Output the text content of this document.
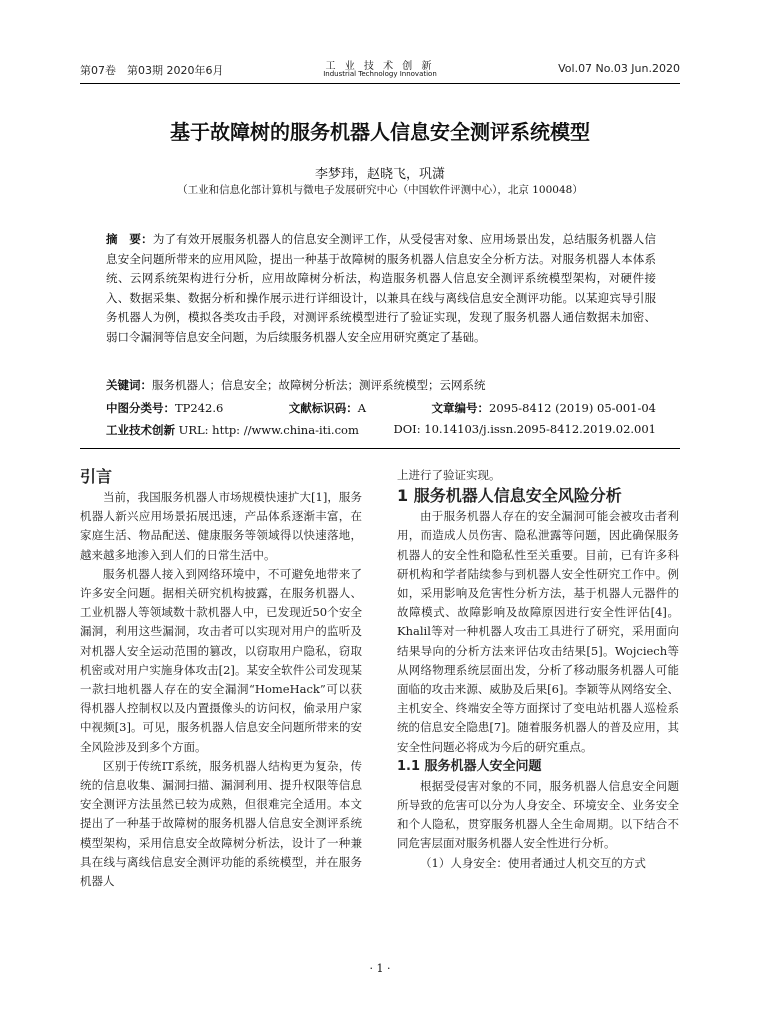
第07卷　第03期 2020年6月	工 业 技 术 创 新
Industrial Technology Innovation	Vol.07 No.03 Jun.2020
基于故障树的服务机器人信息安全测评系统模型
李梦玮，赵晓飞，巩潇
（工业和信息化部计算机与微电子发展研究中心（中国软件评测中心），北京 100048）
摘　要：为了有效开展服务机器人的信息安全测评工作，从受侵害对象、应用场景出发，总结服务机器人信息安全问题所带来的应用风险，提出一种基于故障树的服务机器人信息安全分析方法。对服务机器人本体系统、云网系统架构进行分析，应用故障树分析法，构造服务机器人信息安全测评系统模型架构，对硬件接入、数据采集、数据分析和操作展示进行详细设计，以兼具在线与离线信息安全测评功能。以某迎宾导引服务机器人为例，模拟各类攻击手段，对测评系统模型进行了验证实现，发现了服务机器人通信数据未加密、弱口令漏洞等信息安全问题，为后续服务机器人安全应用研究奠定了基础。
关键词：服务机器人；信息安全；故障树分析法；测评系统模型；云网系统
中图分类号：TP242.6	文献标识码：A	文章编号：2095-8412 (2019) 05-001-04
工业技术创新 URL: http: //www.china-iti.com	DOI: 10.14103/j.issn.2095-8412.2019.02.001

引言

当前，我国服务机器人市场规模快速扩大[1]，服务机器人新兴应用场景拓展迅速，产品体系逐渐丰富，在家庭生活、物品配送、健康服务等领域得以快速落地，越来越多地渗入到人们的日常生活中。

服务机器人接入到网络环境中，不可避免地带来了许多安全问题。据相关研究机构披露，在服务机器人、工业机器人等领域数十款机器人中，已发现近50个安全漏洞，利用这些漏洞，攻击者可以实现对用户的监听及对机器人安全运动范围的篡改，以窃取用户隐私，窃取机密或对用户实施身体攻击[2]。某安全软件公司发现某一款扫地机器人存在的安全漏洞“HomeHack”可以获得机器人控制权以及内置摄像头的访问权，偷录用户家中视频[3]。可见，服务机器人信息安全问题所带来的安全风险涉及到多个方面。

区别于传统IT系统，服务机器人结构更为复杂，传统的信息收集、漏洞扫描、漏洞利用、提升权限等信息安全测评方法虽然已较为成熟，但很难完全适用。本文提出了一种基于故障树的服务机器人信息安全测评系统模型架构，采用信息安全故障树分析法，设计了一种兼具在线与离线信息安全测评功能的系统模型，并在服务机器人

上进行了验证实现。

1 服务机器人信息安全风险分析

由于服务机器人存在的安全漏洞可能会被攻击者利用，而造成人员伤害、隐私泄露等问题，因此确保服务机器人的安全性和隐私性至关重要。目前，已有许多科研机构和学者陆续参与到机器人安全性研究工作中。例如，采用影响及危害性分析方法，基于机器人元器件的故障模式、故障影响及故障原因进行安全性评估[4]。Khalil等对一种机器人攻击工具进行了研究，采用面向结果导向的分析方法来评估攻击结果[5]。Wojciech等从网络物理系统层面出发，分析了移动服务机器人可能面临的攻击来源、威胁及后果[6]。李颖等从网络安全、主机安全、终端安全等方面探讨了变电站机器人巡检系统的信息安全隐患[7]。随着服务机器人的普及应用，其安全性问题必将成为今后的研究重点。

1.1 服务机器人安全问题

根据受侵害对象的不同，服务机器人信息安全问题所导致的危害可以分为人身安全、环境安全、业务安全和个人隐私，贯穿服务机器人全生命周期。以下结合不同危害层面对服务机器人安全性进行分析。

（1）人身安全：使用者通过人机交互的方式

· 1 ·
